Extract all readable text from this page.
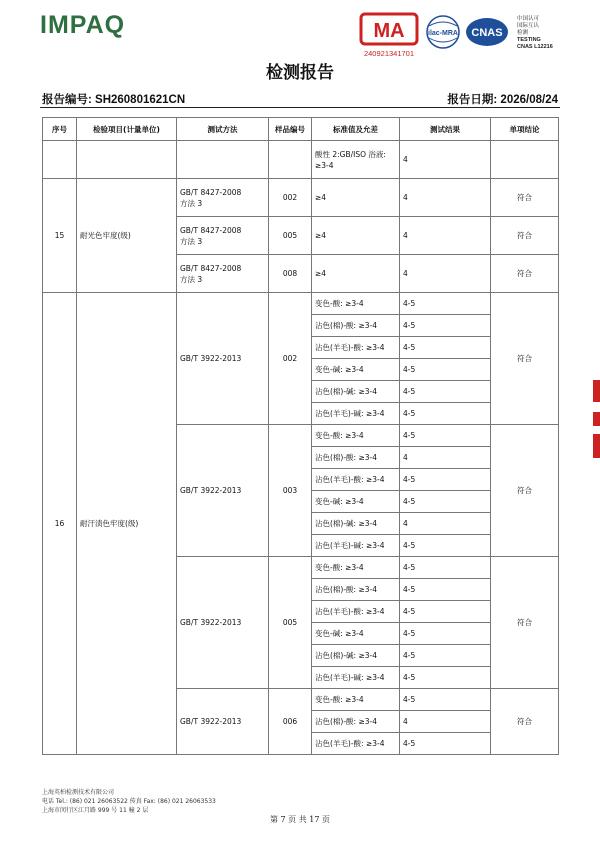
IMPAQ	MA
240921341701
ilac-MRA CNAS
中国认可
国际互认
检测
TESTING
CNAS L12216
检测报告
报告编号: SH260801621CN	报告日期: 2026/08/24
序号	检验项目(计量单位)	测试方法	样品编号	标准值及允差	测试结果	单项结论
				酸性 2:GB/ISO 浴液:
≥3-4	4	
15	耐光色牢度(级)	GB/T 8427-2008
方法 3	002	≥4	4	符合
		GB/T 8427-2008
方法 3	005	≥4	4	符合
		GB/T 8427-2008
方法 3	008	≥4	4	符合
16	耐汗渍色牢度(级)	GB/T 3922-2013	002	变色-酸: ≥3-4	4-5	符合
				沾色(棉)-酸: ≥3-4	4-5	
				沾色(羊毛)-酸: ≥3-4	4-5	
				变色-碱: ≥3-4	4-5	
				沾色(棉)-碱: ≥3-4	4-5	
				沾色(羊毛)-碱: ≥3-4	4-5	
		GB/T 3922-2013	003	变色-酸: ≥3-4	4-5	符合
				沾色(棉)-酸: ≥3-4	4	
				沾色(羊毛)-酸: ≥3-4	4-5	
				变色-碱: ≥3-4	4-5	
				沾色(棉)-碱: ≥3-4	4	
				沾色(羊毛)-碱: ≥3-4	4-5	
		GB/T 3922-2013	005	变色-酸: ≥3-4	4-5	符合
				沾色(棉)-酸: ≥3-4	4-5	
				沾色(羊毛)-酸: ≥3-4	4-5	
				变色-碱: ≥3-4	4-5	
				沾色(棉)-碱: ≥3-4	4-5	
				沾色(羊毛)-碱: ≥3-4	4-5	
		GB/T 3922-2013	006	变色-酸: ≥3-4	4-5	符合
				沾色(棉)-酸: ≥3-4	4	
				沾色(羊毛)-酸: ≥3-4	4-5	
上海英柏检测技术有限公司
电话 Tel.: (86) 021 26063522 传真 Fax: (86) 021 26063533
上海市闵行区江月路 999 号 11 幢 2 层
第 7 页 共 17 页
